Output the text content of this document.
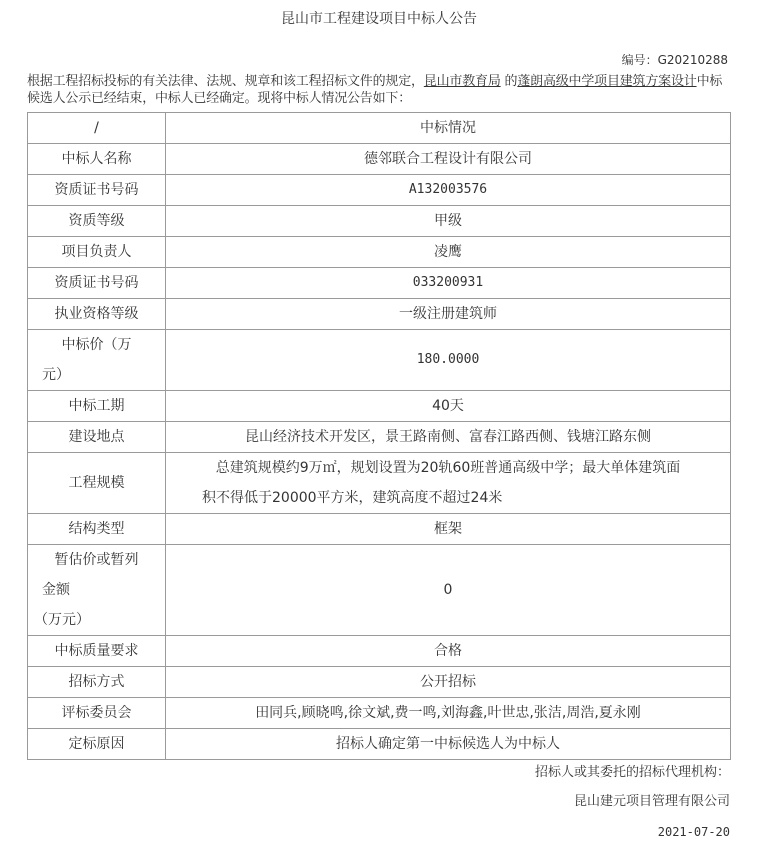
昆山市工程建设项目中标人公告
编号：G20210288
根据工程招标投标的有关法律、法规、规章和该工程招标文件的规定，昆山市教育局 的蓬朗高级中学项目建筑方案设计中标候选人公示已经结束，中标人已经确定。现将中标人情况公告如下：
/	中标情况
中标人名称	德邻联合工程设计有限公司
资质证书号码	A132003576
资质等级	甲级
项目负责人	凌鹰
资质证书号码	033200931
执业资格等级	一级注册建筑师

中标价（万
元）	180.0000
中标工期	40天
建设地点	昆山经济技术开发区，景王路南侧、富春江路西侧、钱塘江路东侧
工程规模	总建筑规模约9万㎡，规划设置为20轨60班普通高级中学；最大单体建筑面
积不得低于20000平方米，建筑高度不超过24米

结构类型	框架

暂估价或暂列
金额
（万元）	0
中标质量要求	合格
招标方式	公开招标
评标委员会	田同兵,顾晓鸣,徐文斌,费一鸣,刘海鑫,叶世忠,张洁,周浩,夏永刚
定标原因	招标人确定第一中标候选人为中标人
招标人或其委托的招标代理机构：
昆山建元项目管理有限公司
2021-07-20
